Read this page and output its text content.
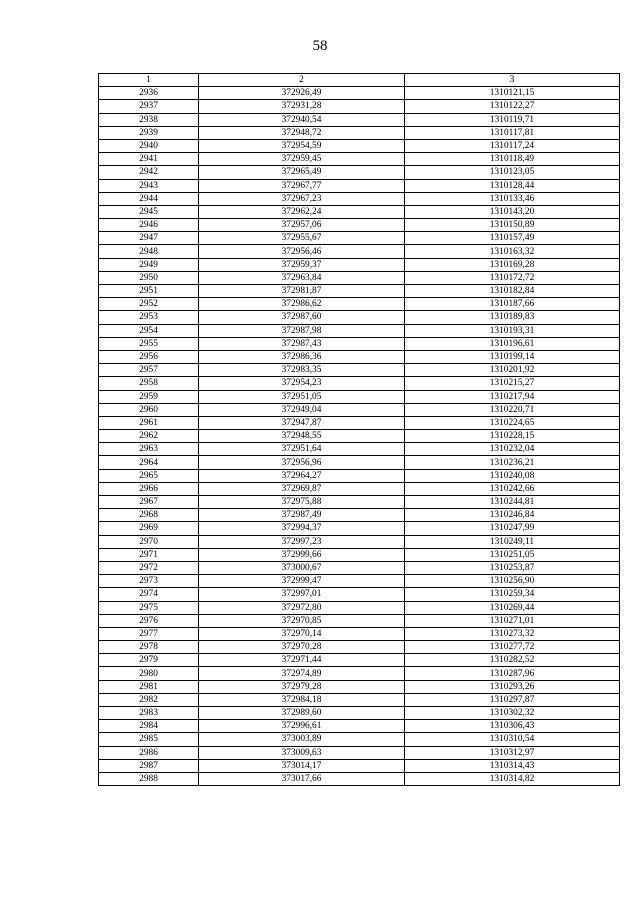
58
1	2	3
2936	372926,49	1310121,15
2937	372931,28	1310122,27
2938	372940,54	1310119,71
2939	372948,72	1310117,81
2940	372954,59	1310117,24
2941	372959,45	1310118,49
2942	372965,49	1310123,05
2943	372967,77	1310128,44
2944	372967,23	1310133,46
2945	372962,24	1310143,20
2946	372957,06	1310150,89
2947	372955,67	1310157,49
2948	372956,46	1310163,32
2949	372959,37	1310169,28
2950	372963,84	1310172,72
2951	372981,87	1310182,84
2952	372986,62	1310187,66
2953	372987,60	1310189,83
2954	372987,98	1310193,31
2955	372987,43	1310196,61
2956	372986,36	1310199,14
2957	372983,35	1310201,92
2958	372954,23	1310215,27
2959	372951,05	1310217,94
2960	372949,04	1310220,71
2961	372947,87	1310224,65
2962	372948,55	1310228,15
2963	372951,64	1310232,04
2964	372956,96	1310236,21
2965	372964,27	1310240,08
2966	372969,87	1310242,66
2967	372975,88	1310244,81
2968	372987,49	1310246,84
2969	372994,37	1310247,99
2970	372997,23	1310249,11
2971	372999,66	1310251,05
2972	373000,67	1310253,87
2973	372999,47	1310256,90
2974	372997,01	1310259,34
2975	372972,80	1310269,44
2976	372970,85	1310271,01
2977	372970,14	1310273,32
2978	372970,28	1310277,72
2979	372971,44	1310282,52
2980	372974,89	1310287,96
2981	372979,28	1310293,26
2982	372984,18	1310297,87
2983	372989,60	1310302,32
2984	372996,61	1310306,43
2985	373003,89	1310310,54
2986	373009,63	1310312,97
2987	373014,17	1310314,43
2988	373017,66	1310314,82
